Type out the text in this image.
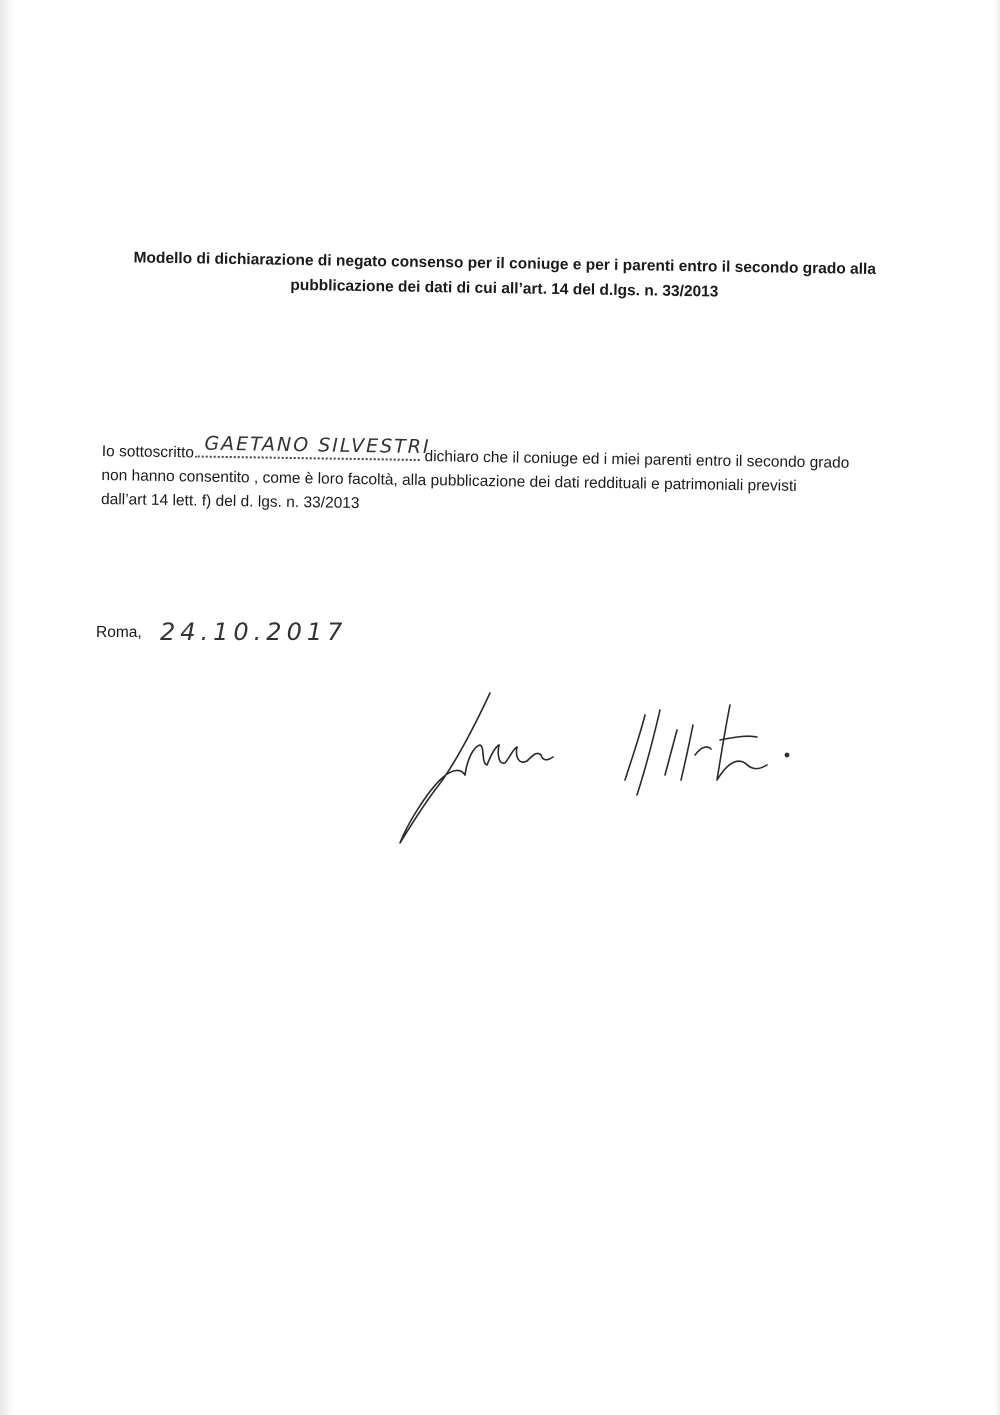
Modello di dichiarazione di negato consenso per il coniuge e per i parenti entro il secondo grado alla
pubblicazione dei dati di cui all’art. 14 del d.lgs. n. 33/2013
Io sottoscritto. GAETANO SILVESTRI
dichiaro che il coniuge ed i miei parenti entro il secondo grado
non hanno consentito , come è loro facoltà, alla pubblicazione dei dati reddituali e patrimoniali previsti
dall’art 14 lett. f) del d. lgs. n. 33/2013
Roma, 24.10.2017
